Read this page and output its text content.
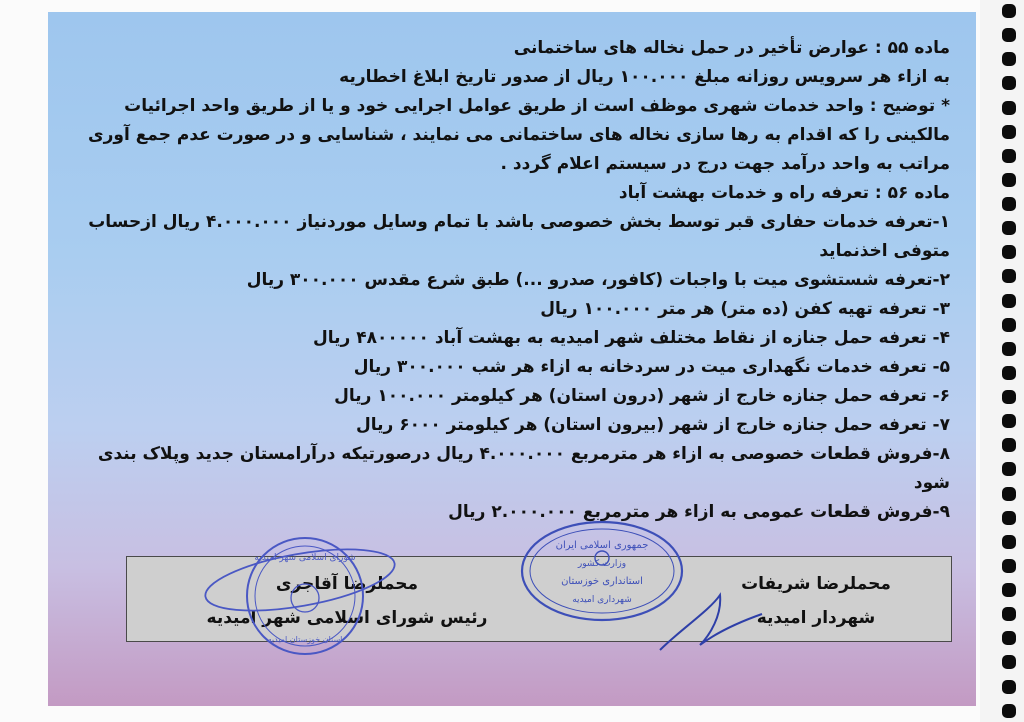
ماده ۵۵ : عوارض تأخیر در حمل نخاله های ساختمانی
به ازاء هر سرویس روزانه مبلغ ۱۰۰.۰۰۰ ریال از صدور تاریخ ابلاغ اخطاریه
* توضیح : واحد خدمات شهری موظف است از طریق عوامل اجرایی خود و یا از طریق واحد اجرائیات
مالکینی را که اقدام به رها سازی نخاله های ساختمانی می نمایند ، شناسایی و در صورت عدم جمع آوری
مراتب به واحد درآمد جهت درج در سیستم اعلام گردد .
ماده ۵۶ : تعرفه راه و خدمات بهشت آباد
۱-تعرفه خدمات حفاری قبر توسط بخش خصوصی باشد با تمام وسایل موردنیاز ۴.۰۰۰.۰۰۰ ریال ازحساب
متوفی اخذنماید
۲-تعرفه شستشوی میت با واجبات (کافور، صدرو ...) طبق شرع مقدس ۳۰۰.۰۰۰ ریال
۳- تعرفه تهیه کفن (ده متر) هر متر ۱۰۰.۰۰۰ ریال
۴- تعرفه حمل جنازه از نقاط مختلف شهر امیدیه به بهشت آباد ۴۸۰۰۰۰۰ ریال
۵- تعرفه خدمات نگهداری میت در سردخانه به ازاء هر شب ۳۰۰.۰۰۰ ریال
۶- تعرفه حمل جنازه خارج از شهر (درون استان) هر کیلومتر ۱۰۰.۰۰۰ ریال
۷- تعرفه حمل جنازه خارج از شهر (بیرون استان) هر کیلومتر ۶۰۰۰ ریال
۸-فروش قطعات خصوصی به ازاء هر مترمربع ۴.۰۰۰.۰۰۰ ریال درصورتیکه درآرامستان جدید وپلاک بندی
شود
۹-فروش قطعات عمومی به ازاء هر مترمربع ۲.۰۰۰.۰۰۰ ریال
محملرضا شریفات
شهردار امیدیه
محملرضا آقاجری
رئیس شورای اسلامی شهر امیدیه
جمهوری اسلامی ایران
وزارت کشور
استانداری خوزستان
شهرداری امیدیه
شورای اسلامی شهر امیدیه
استان خوزستان امیدیه
